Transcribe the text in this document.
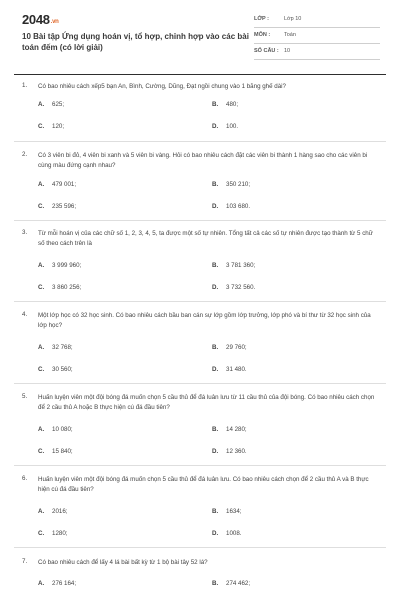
2048.vn
10 Bài tập Ứng dụng hoán vị, tổ hợp, chỉnh hợp vào các bài toán đếm (có lời giải)
LỚP :	Lớp 10
MÔN :	Toán
SỐ CÂU : 10
1. Có bao nhiêu cách xếp5 bạn An, Bình, Cường, Dũng, Đạt ngồi chung vào 1 băng ghế dài?
A. 625;	B. 480;
C. 120;	D. 100.
2. Có 3 viên bi đỏ, 4 viên bi xanh và 5 viên bi vàng. Hỏi có bao nhiêu cách đặt các viên bi thành 1 hàng sao cho các viên bi cùng màu đứng cạnh nhau?
A. 479 001;	B. 350 210;
C. 235 596;	D. 103 680.
3. Từ mỗi hoán vị của các chữ số 1, 2, 3, 4, 5, ta được một số tự nhiên. Tổng tất cả các số tự nhiên được tạo thành từ 5 chữ số theo cách trên là
A. 3 999 960;	B. 3 781 360;
C. 3 860 256;	D. 3 732 560.
4. Một lớp học có 32 học sinh. Có bao nhiêu cách bầu ban cán sự lớp gồm lớp trưởng, lớp phó và bí thư từ 32 học sinh của lớp học?
A. 32 768;	B. 29 760;
C. 30 560;	D. 31 480.
5. Huấn luyện viên một đội bóng đá muốn chọn 5 cầu thủ để đá luân lưu từ 11 cầu thủ của đội bóng. Có bao nhiêu cách chọn để 2 cầu thủ A hoặc B thực hiện cú đá đầu tiên?
A. 10 080;	B. 14 280;
C. 15 840;	D. 12 360.
6. Huấn luyện viên một đội bóng đá muốn chọn 5 cầu thủ để đá luân lưu. Có bao nhiêu cách chọn để 2 cầu thủ A và B thực hiện cú đá đầu tiên?
A. 2016;	B. 1634;
C. 1280;	D. 1008.
7. Có bao nhiêu cách để lấy 4 lá bài bất kỳ từ 1 bộ bài tây 52 lá?
A. 276 164;	B. 274 462;
